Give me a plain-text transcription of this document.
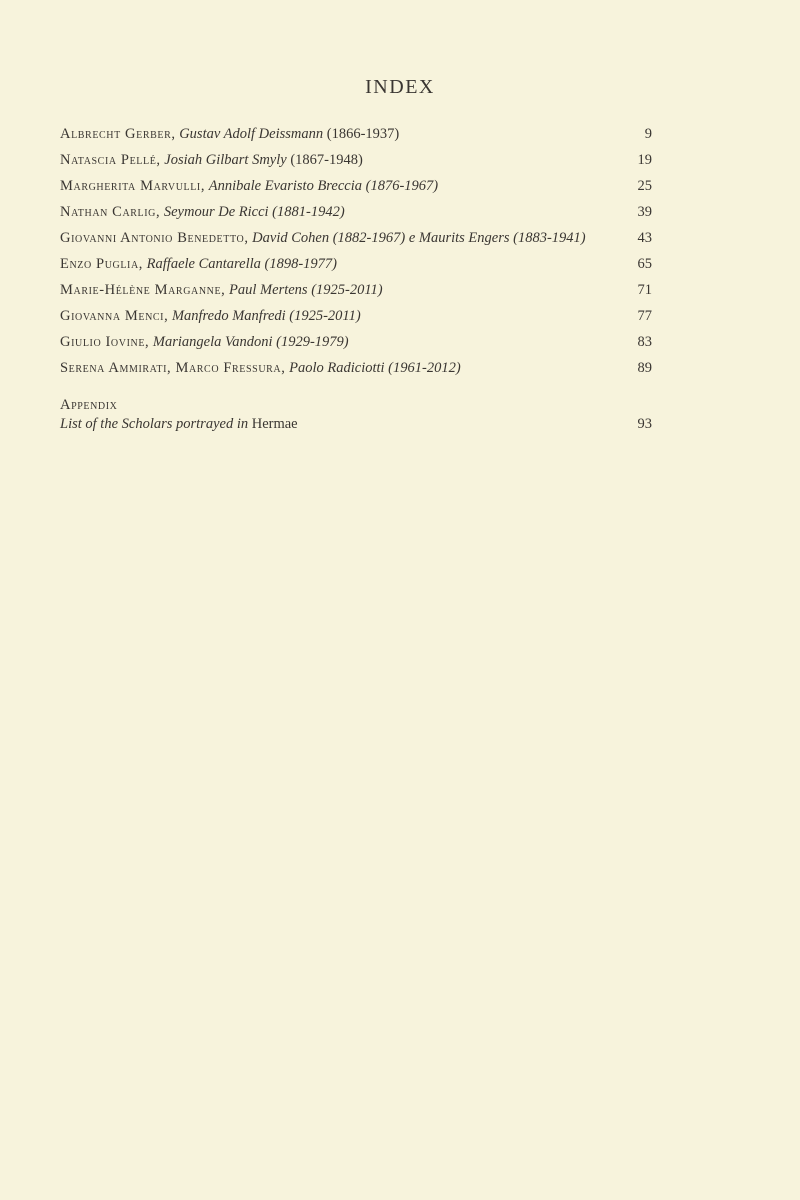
INDEX
Albrecht Gerber, Gustav Adolf Deissmann (1866-1937)	9
Natascia Pellé, Josiah Gilbart Smyly (1867-1948)	19
Margherita Marvulli, Annibale Evaristo Breccia (1876-1967)	25
Nathan Carlig, Seymour De Ricci (1881-1942)	39
Giovanni Antonio Benedetto, David Cohen (1882-1967) e Maurits Engers (1883-1941)	43
Enzo Puglia, Raffaele Cantarella (1898-1977)	65
Marie-Hélène Marganne, Paul Mertens (1925-2011)	71
Giovanna Menci, Manfredo Manfredi (1925-2011)	77
Giulio Iovine, Mariangela Vandoni (1929-1979)	83
Serena Ammirati, Marco Fressura, Paolo Radiciotti (1961-2012)	89
Appendix
List of the Scholars portrayed in Hermae	93
